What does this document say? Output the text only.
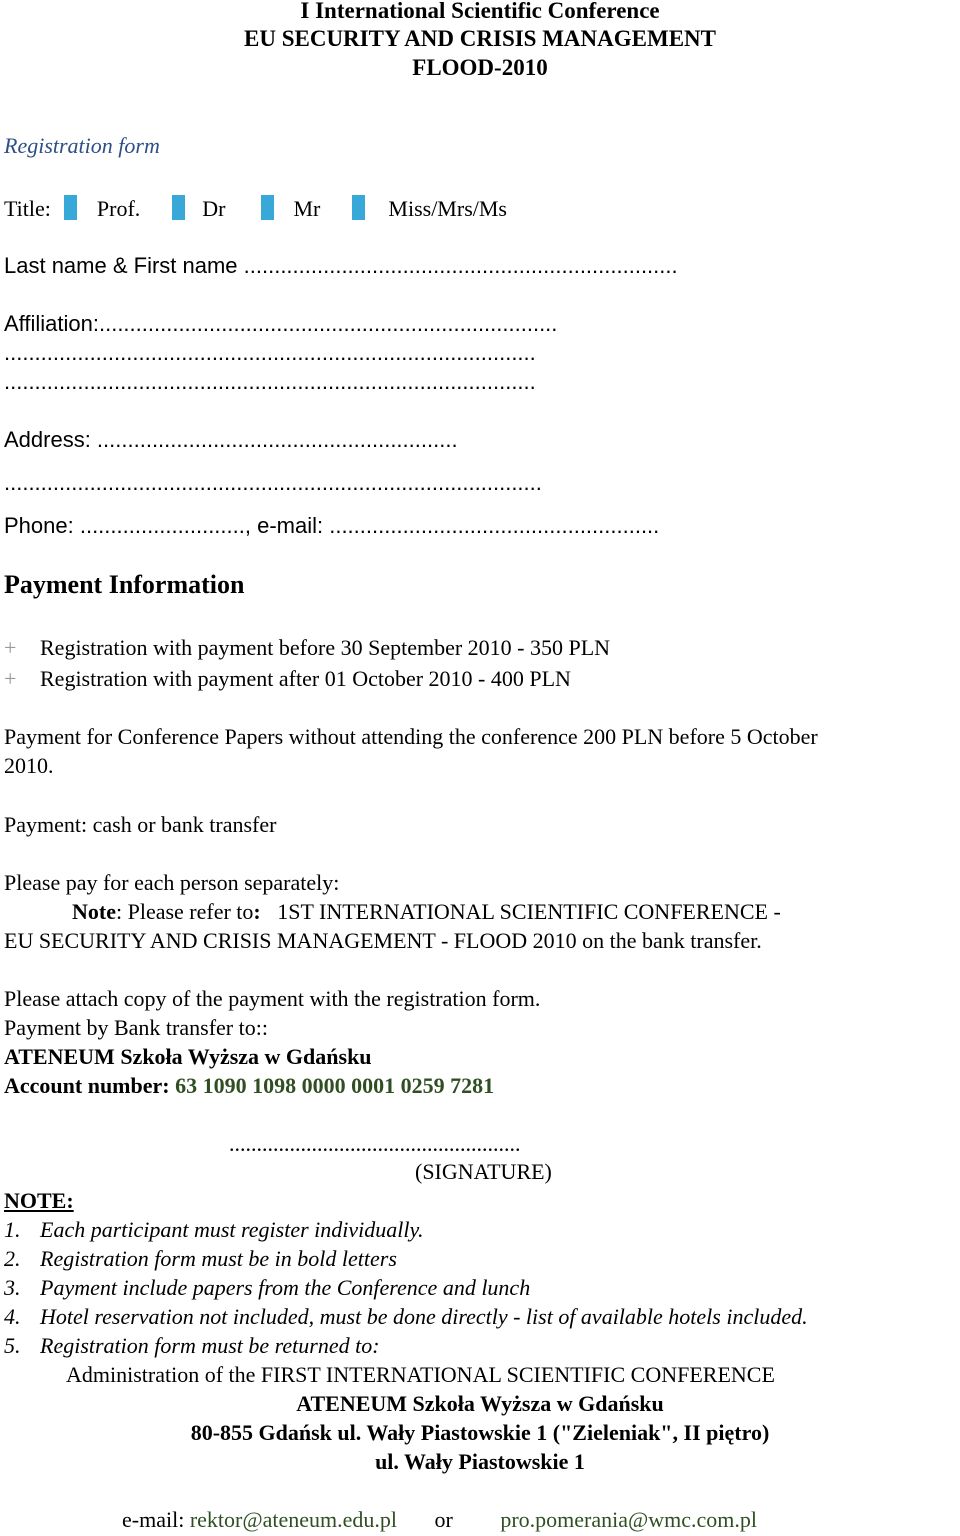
I International Scientific Conference
EU SECURITY AND CRISIS MANAGEMENT
FLOOD-2010
Registration form
Title: Prof.	Dr	Mr	Miss/Mrs/Ms
Last name & First name .......................................................................
Affiliation:...........................................................................
.......................................................................................
.......................................................................................
Address: ...........................................................
........................................................................................
Phone: ..........................., e-mail: ......................................................
Payment Information
+ Registration with payment before 30 September 2010 - 350 PLN
+ Registration with payment after 01 October 2010 - 400 PLN
Payment for Conference Papers without attending the conference 200 PLN before 5 October
2010.
Payment: cash or bank transfer
Please pay for each person separately:
Note: Please refer to:   1ST INTERNATIONAL SCIENTIFIC CONFERENCE -
EU SECURITY AND CRISIS MANAGEMENT - FLOOD 2010 on the bank transfer.
Please attach copy of the payment with the registration form.
Payment by Bank transfer to::
ATENEUM Szkoła Wyższa w Gdańsku
Account number: 63 1090 1098 0000 0001 0259 7281
.....................................................
(SIGNATURE)
NOTE:
1. Each participant must register individually.
2. Registration form must be in bold letters
3. Payment include papers from the Conference and lunch
4. Hotel reservation not included, must be done directly - list of available hotels included.
5. Registration form must be returned to:
Administration of the FIRST INTERNATIONAL SCIENTIFIC CONFERENCE
ATENEUM Szkoła Wyższa w Gdańsku
80-855 Gdańsk ul. Wały Piastowskie 1 ("Zieleniak", II piętro)
ul. Wały Piastowskie 1
e-mail: rektor@ateneum.edu.pl or pro.pomerania@wmc.com.pl
